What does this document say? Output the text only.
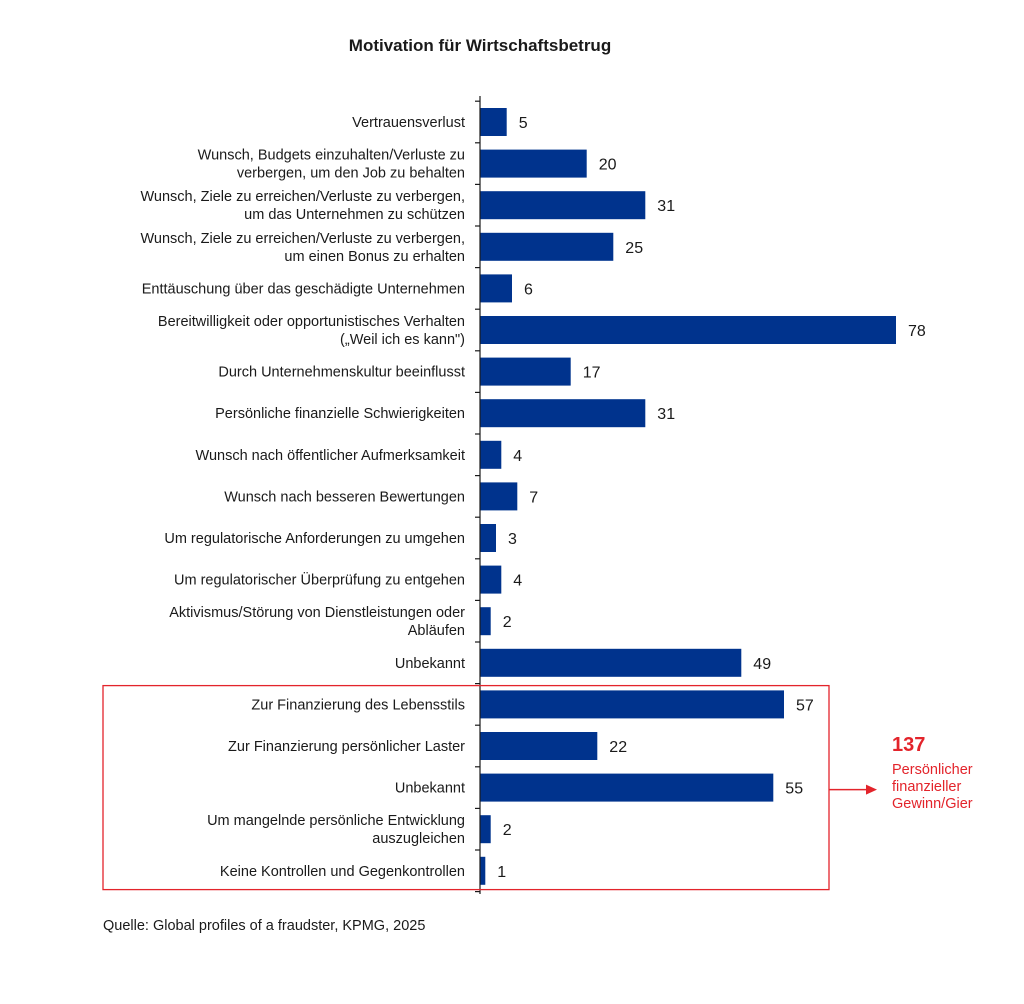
Motivation für Wirtschaftsbetrug
5
Vertrauensverlust
20
Wunsch, Budgets einzuhalten/Verluste zu
verbergen, um den Job zu behalten
31
Wunsch, Ziele zu erreichen/Verluste zu verbergen,
um das Unternehmen zu schützen
25
Wunsch, Ziele zu erreichen/Verluste zu verbergen,
um einen Bonus zu erhalten
6
Enttäuschung über das geschädigte Unternehmen
78
Bereitwilligkeit oder opportunistisches Verhalten
(„Weil ich es kann")
17
Durch Unternehmenskultur beeinflusst
31
Persönliche finanzielle Schwierigkeiten
4
Wunsch nach öffentlicher Aufmerksamkeit
7
Wunsch nach besseren Bewertungen
3
Um regulatorische Anforderungen zu umgehen
4
Um regulatorischer Überprüfung zu entgehen
2
Aktivismus/Störung von Dienstleistungen oder
Abläufen
49
Unbekannt
57
Zur Finanzierung des Lebensstils
22
Zur Finanzierung persönlicher Laster
55
Unbekannt
2
Um mangelnde persönliche Entwicklung
auszugleichen
1
Keine Kontrollen und Gegenkontrollen
137
Persönlicher
finanzieller
Gewinn/Gier

Quelle: Global profiles of a fraudster, KPMG, 2025
